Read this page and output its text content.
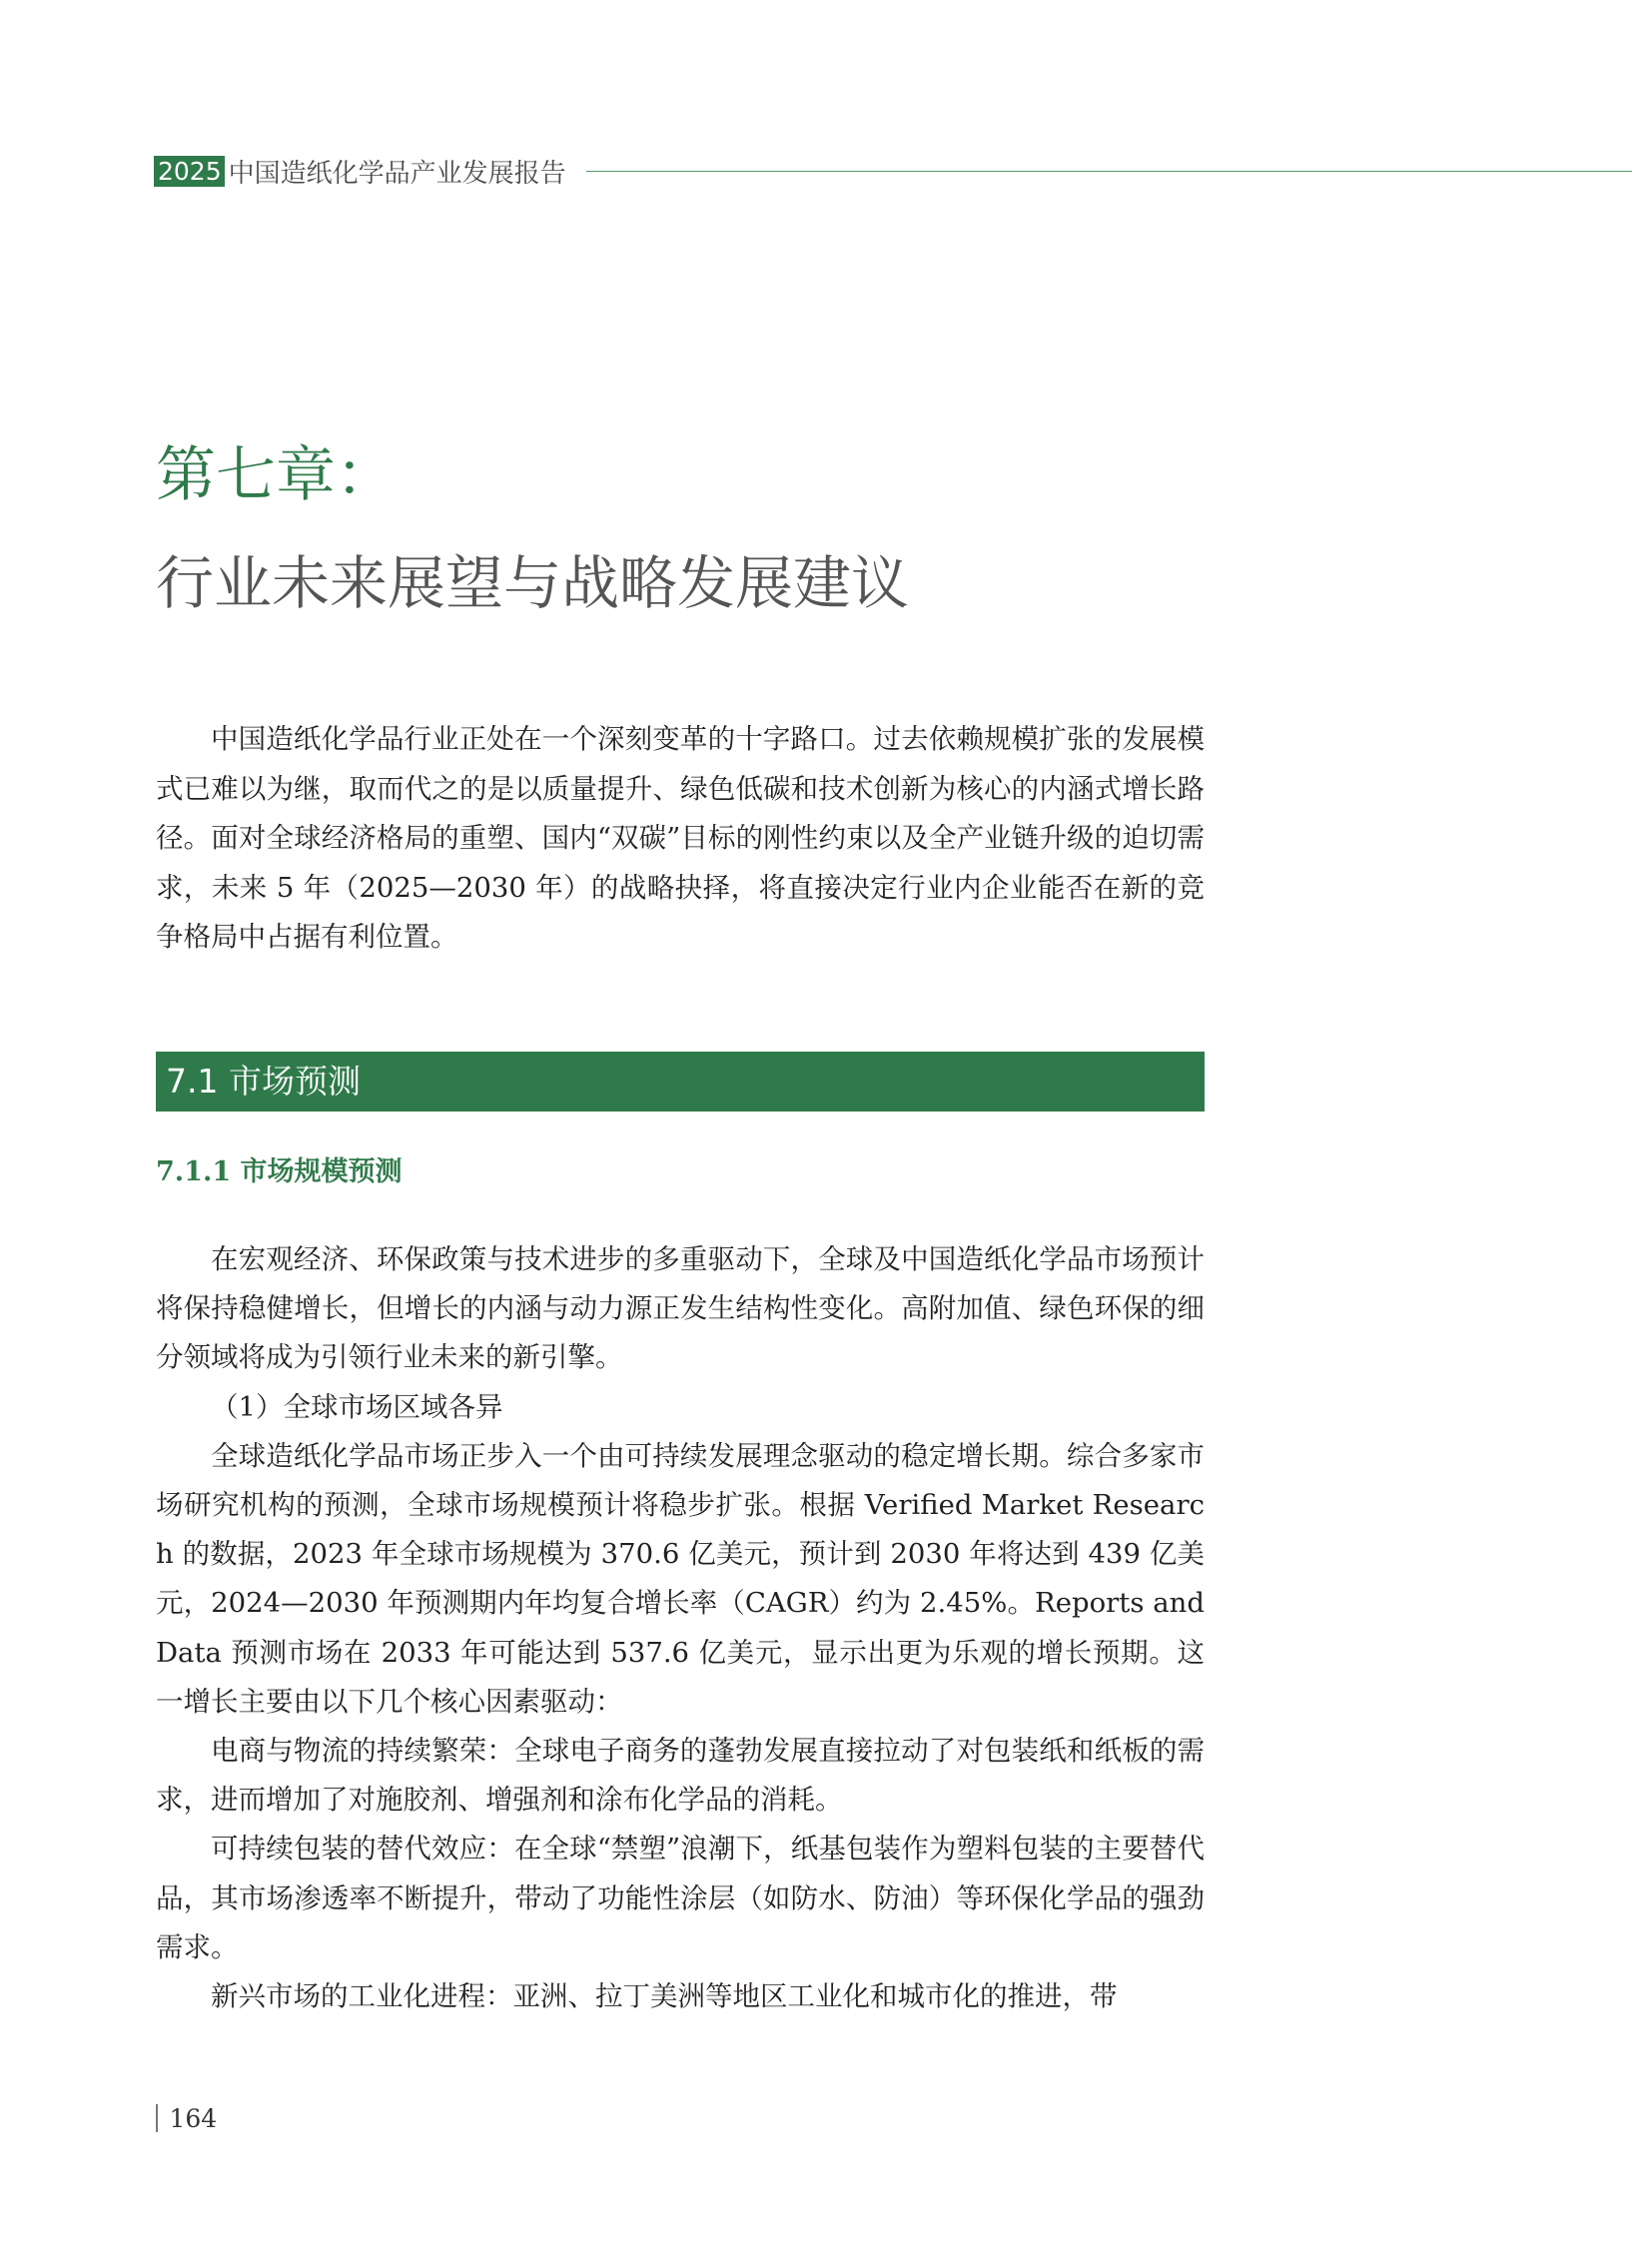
2025 中国造纸化学品产业发展报告
第七章：
行业未来展望与战略发展建议

中国造纸化学品行业正处在一个深刻变革的十字路口。过去依赖规模扩张的发展模式已难以为继，取而代之的是以质量提升、绿色低碳和技术创新为核心的内涵式增长路径。面对全球经济格局的重塑、国内“双碳”目标的刚性约束以及全产业链升级的迫切需求，未来 5 年（2025—2030 年）的战略抉择，将直接决定行业内企业能否在新的竞争格局中占据有利位置。

7.1 市场预测
7.1.1 市场规模预测

在宏观经济、环保政策与技术进步的多重驱动下，全球及中国造纸化学品市场预计将保持稳健增长，但增长的内涵与动力源正发生结构性变化。高附加值、绿色环保的细分领域将成为引领行业未来的新引擎。

（1）全球市场区域各异

全球造纸化学品市场正步入一个由可持续发展理念驱动的稳定增长期。综合多家市场研究机构的预测，全球市场规模预计将稳步扩张。根据 Verified Market Research 的数据，2023 年全球市场规模为 370.6 亿美元，预计到 2030 年将达到 439 亿美元，2024—2030 年预测期内年均复合增长率（CAGR）约为 2.45%。Reports and Data 预测市场在 2033 年可能达到 537.6 亿美元，显示出更为乐观的增长预期。这一增长主要由以下几个核心因素驱动：

电商与物流的持续繁荣：全球电子商务的蓬勃发展直接拉动了对包装纸和纸板的需求，进而增加了对施胶剂、增强剂和涂布化学品的消耗。

可持续包装的替代效应：在全球“禁塑”浪潮下，纸基包装作为塑料包装的主要替代品，其市场渗透率不断提升，带动了功能性涂层（如防水、防油）等环保化学品的强劲需求。

新兴市场的工业化进程：亚洲、拉丁美洲等地区工业化和城市化的推进，带

164
